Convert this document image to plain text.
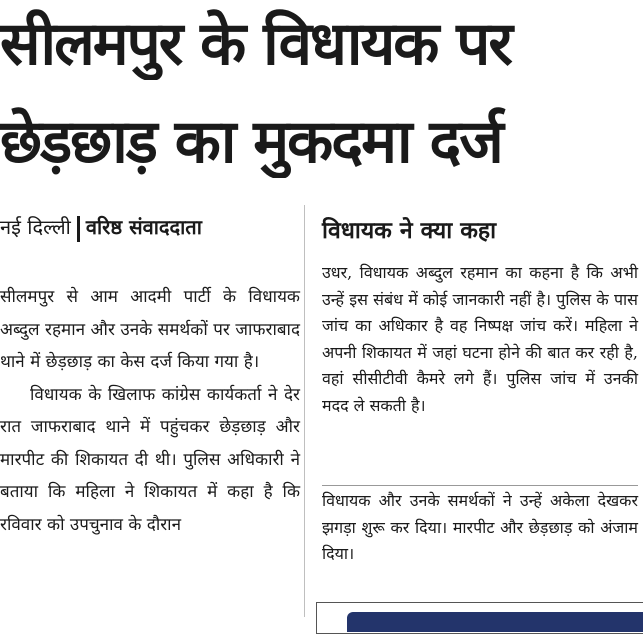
सीलमपुर के विधायक पर
छेड़छाड़ का मुकदमा दर्ज
नई दिल्ली वरिष्ठ संवाददाता

सीलमपुर से आम आदमी पार्टी के विधायक अब्दुल रहमान और उनके समर्थकों पर जाफराबाद थाने में छेड़छाड़ का केस दर्ज किया गया है।

विधायक के खिलाफ कांग्रेस कार्यकर्ता ने देर रात जाफराबाद थाने में पहुंचकर छेड़छाड़ और मारपीट की शिकायत दी थी। पुलिस अधिकारी ने बताया कि महिला ने शिकायत में कहा है कि रविवार को उपचुनाव के दौरान

विधायक ने क्या कहा

उधर, विधायक अब्दुल रहमान का कहना है कि अभी उन्हें इस संबंध में कोई जानकारी नहीं है। पुलिस के पास जांच का अधिकार है वह निष्पक्ष जांच करें। महिला ने अपनी शिकायत में जहां घटना होने की बात कर रही है, वहां सीसीटीवी कैमरे लगे हैं। पुलिस जांच में उनकी मदद ले सकती है।

विधायक और उनके समर्थकों ने उन्हें अकेला देखकर झगड़ा शुरू कर दिया। मारपीट और छेड़छाड़ को अंजाम दिया।
